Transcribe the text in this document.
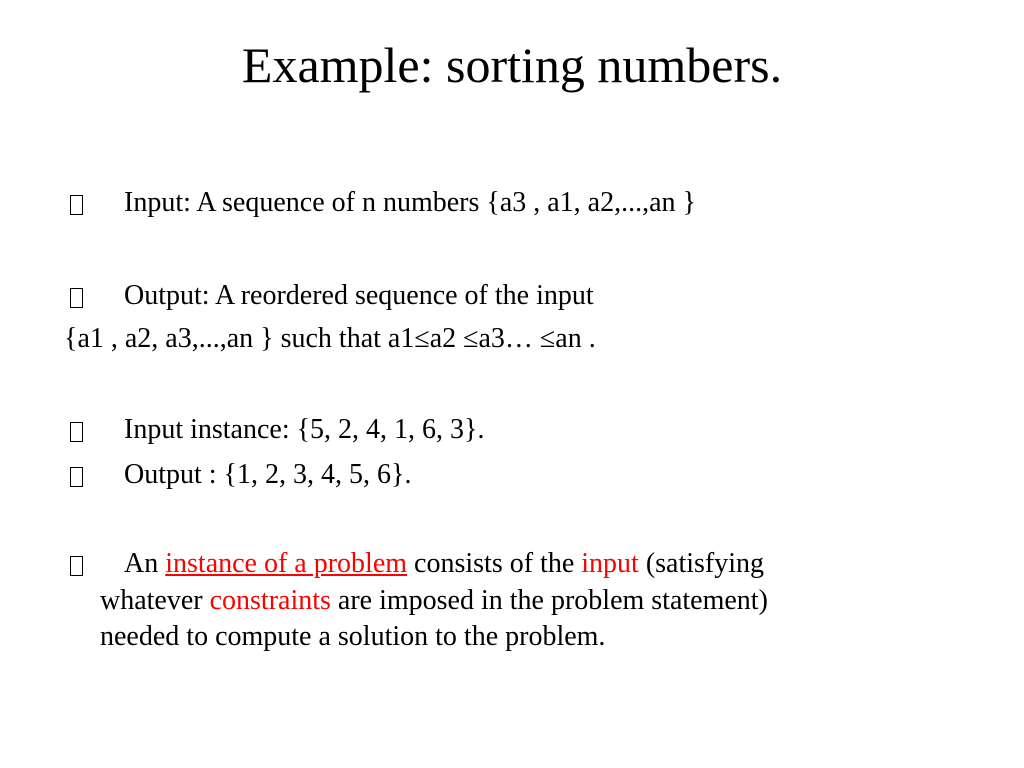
Example: sorting numbers.
Input: A sequence of n numbers {a3 , a1, a2,...,an }
Output: A reordered sequence of the input
{a1 , a2, a3,...,an } such that a1≤a2 ≤a3… ≤an .
Input instance: {5, 2, 4, 1, 6, 3}.
Output : {1, 2, 3, 4, 5, 6}.
An instance of a problem consists of the input (satisfying
whatever constraints are imposed in the problem statement)
needed to compute a solution to the problem.
